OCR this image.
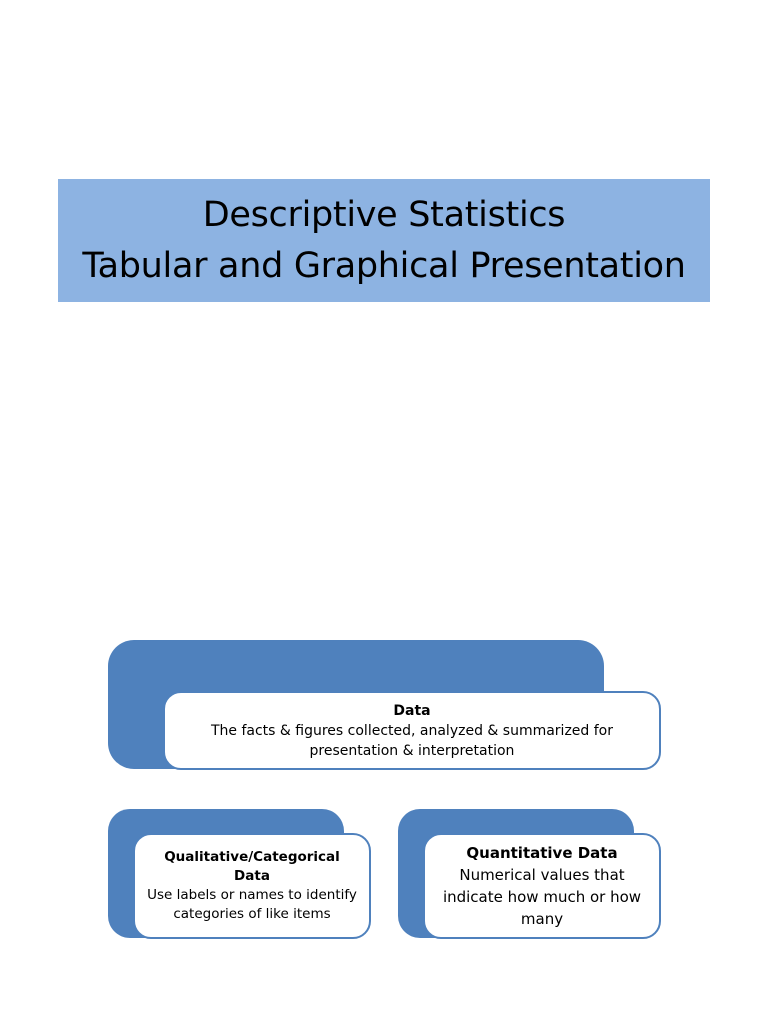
Descriptive Statistics
Tabular and Graphical Presentation
Data
The facts & figures collected, analyzed & summarized for
presentation & interpretation
Qualitative/Categorical Data
Use labels or names to identify
categories of like items
Quantitative Data
Numerical values that
indicate how much or how
many
